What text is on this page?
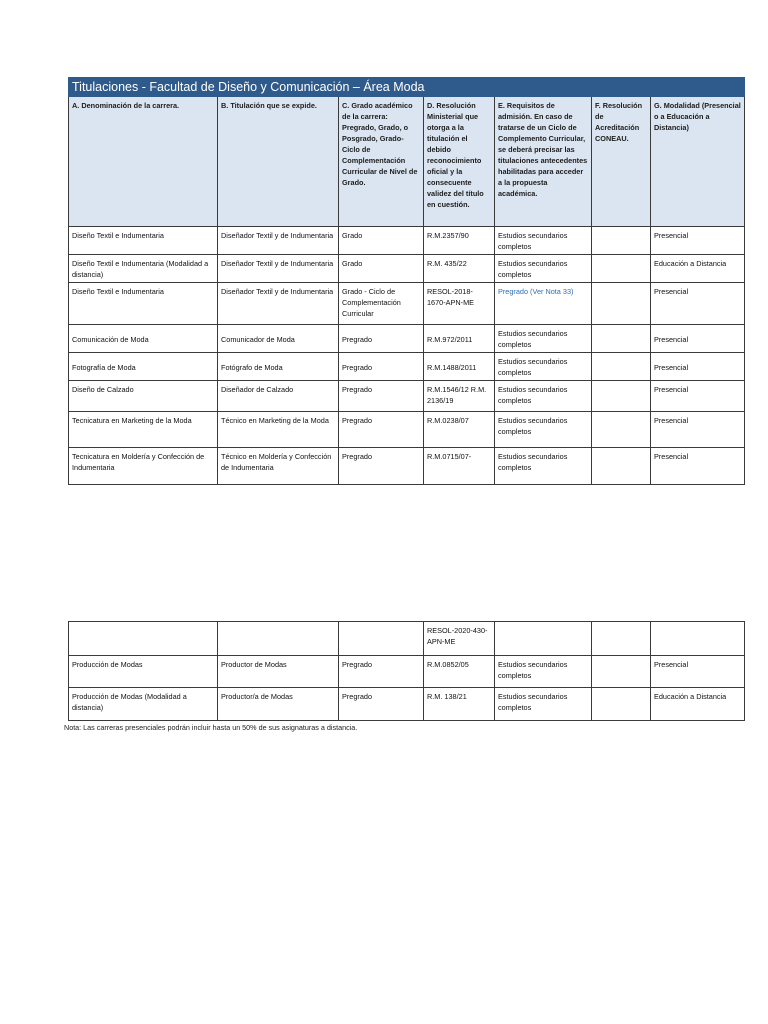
Titulaciones - Facultad de Diseño y Comunicación – Área Moda						
A. Denominación de la carrera.	B. Titulación que se expide.	C. Grado académico de la carrera: Pregrado, Grado, o Posgrado, Grado-Ciclo de Complementación Curricular de Nivel de Grado.	D. Resolución Ministerial que otorga a la titulación el debido reconocimiento oficial y la consecuente validez del título en cuestión.	E. Requisitos de admisión. En caso de tratarse de un Ciclo de Complemento Curricular, se deberá precisar las titulaciones antecedentes habilitadas para acceder a la propuesta académica.	F. Resolución de Acreditación CONEAU.	G. Modalidad (Presencial o a Educación a Distancia)
Diseño Textil e Indumentaria	Diseñador Textil y de Indumentaria	Grado	R.M.2357/90	Estudios secundarios completos		Presencial
Diseño Textil e Indumentaria (Modalidad a distancia)	Diseñador Textil y de Indumentaria	Grado	R.M. 435/22	Estudios secundarios completos		Educación a Distancia
Diseño Textil e Indumentaria	Diseñador Textil y de Indumentaria	Grado - Ciclo de Complementación Curricular	RESOL-2018-1670-APN-ME	Pregrado (Ver Nota 33)		Presencial
Comunicación de Moda	Comunicador de Moda	Pregrado	R.M.972/2011	Estudios secundarios completos		Presencial
Fotografía de Moda	Fotógrafo de Moda	Pregrado	R.M.1488/2011	Estudios secundarios completos		Presencial
Diseño de Calzado	Diseñador de Calzado	Pregrado	R.M.1546/12 R.M. 2136/19	Estudios secundarios completos		Presencial
Tecnicatura en Marketing de la Moda	Técnico en Marketing de la Moda	Pregrado	R.M.0238/07	Estudios secundarios completos		Presencial
Tecnicatura en Moldería y Confección de Indumentaria	Técnico en Moldería y Confección de Indumentaria	Pregrado	R.M.0715/07-	Estudios secundarios completos		Presencial
			RESOL-2020-430-APN-ME			
Producción de Modas	Productor de Modas	Pregrado	R.M.0852/05	Estudios secundarios completos		Presencial
Producción de Modas (Modalidad a distancia)	Productor/a de Modas	Pregrado	R.M. 138/21	Estudios secundarios completos		Educación a Distancia
Nota: Las carreras presenciales podrán incluir hasta un 50% de sus asignaturas a distancia.
